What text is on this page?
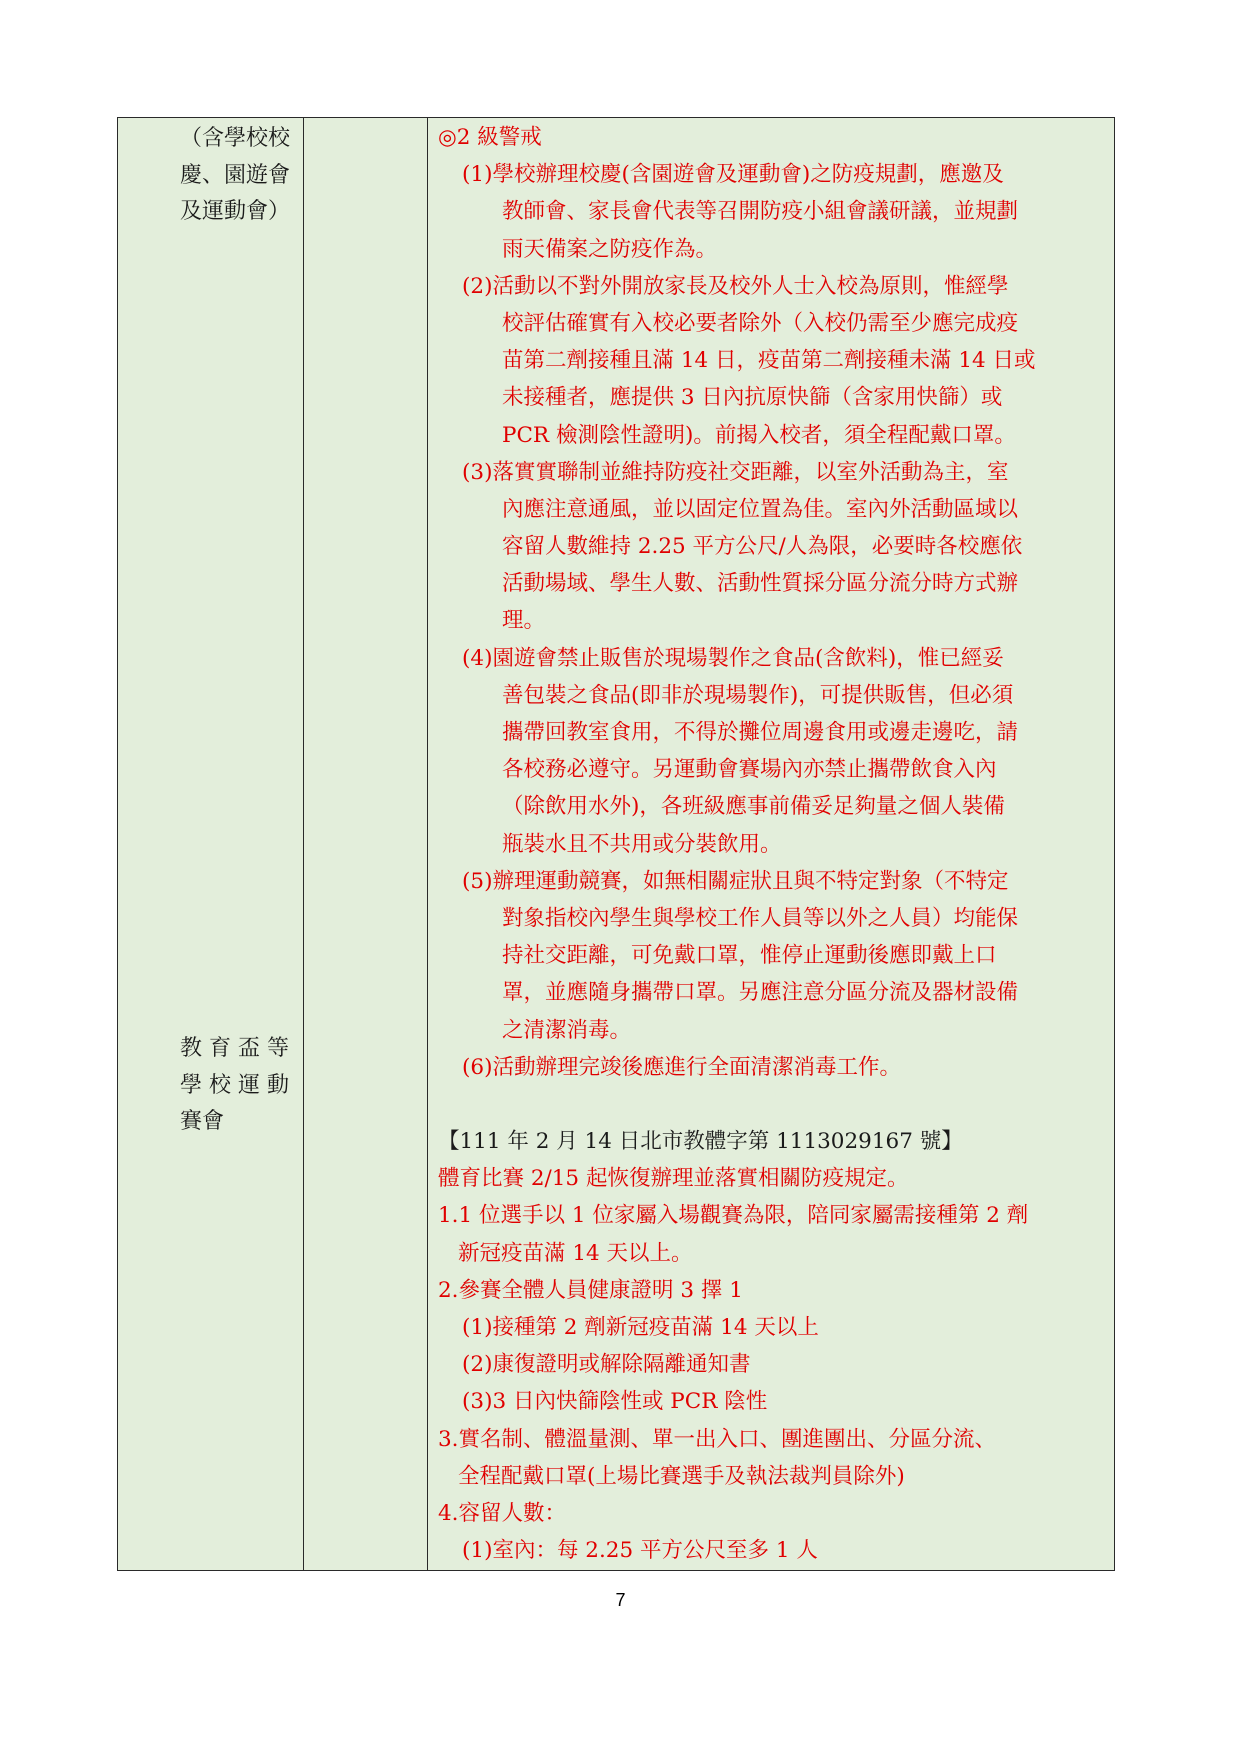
（含學校校
慶、園遊會
及運動會）
教 育 盃 等
學 校 運 動
賽會
◎2 級警戒
(1)學校辦理校慶(含園遊會及運動會)之防疫規劃，應邀及
教師會、家長會代表等召開防疫小組會議研議，並規劃
雨天備案之防疫作為。
(2)活動以不對外開放家長及校外人士入校為原則，惟經學
校評估確實有入校必要者除外（入校仍需至少應完成疫
苗第二劑接種且滿 14 日，疫苗第二劑接種未滿 14 日或
未接種者，應提供 3 日內抗原快篩（含家用快篩）或
PCR 檢測陰性證明)。前揭入校者，須全程配戴口罩。
(3)落實實聯制並維持防疫社交距離，以室外活動為主，室
內應注意通風，並以固定位置為佳。室內外活動區域以
容留人數維持 2.25 平方公尺/人為限，必要時各校應依
活動場域、學生人數、活動性質採分區分流分時方式辦
理。
(4)園遊會禁止販售於現場製作之食品(含飲料)，惟已經妥
善包裝之食品(即非於現場製作)，可提供販售，但必須
攜帶回教室食用，不得於攤位周邊食用或邊走邊吃，請
各校務必遵守。另運動會賽場內亦禁止攜帶飲食入內
（除飲用水外)，各班級應事前備妥足夠量之個人裝備
瓶裝水且不共用或分裝飲用。
(5)辦理運動競賽，如無相關症狀且與不特定對象（不特定
對象指校內學生與學校工作人員等以外之人員）均能保
持社交距離，可免戴口罩，惟停止運動後應即戴上口
罩，並應隨身攜帶口罩。另應注意分區分流及器材設備
之清潔消毒。
(6)活動辦理完竣後應進行全面清潔消毒工作。
【111 年 2 月 14 日北市教體字第 1113029167 號】
體育比賽 2/15 起恢復辦理並落實相關防疫規定。
1.1 位選手以 1 位家屬入場觀賽為限，陪同家屬需接種第 2 劑
新冠疫苗滿 14 天以上。
2.參賽全體人員健康證明 3 擇 1
(1)接種第 2 劑新冠疫苗滿 14 天以上
(2)康復證明或解除隔離通知書
(3)3 日內快篩陰性或 PCR 陰性
3.實名制、體溫量測、單一出入口、團進團出、分區分流、
全程配戴口罩(上場比賽選手及執法裁判員除外)
4.容留人數：
(1)室內：每 2.25 平方公尺至多 1 人
7
